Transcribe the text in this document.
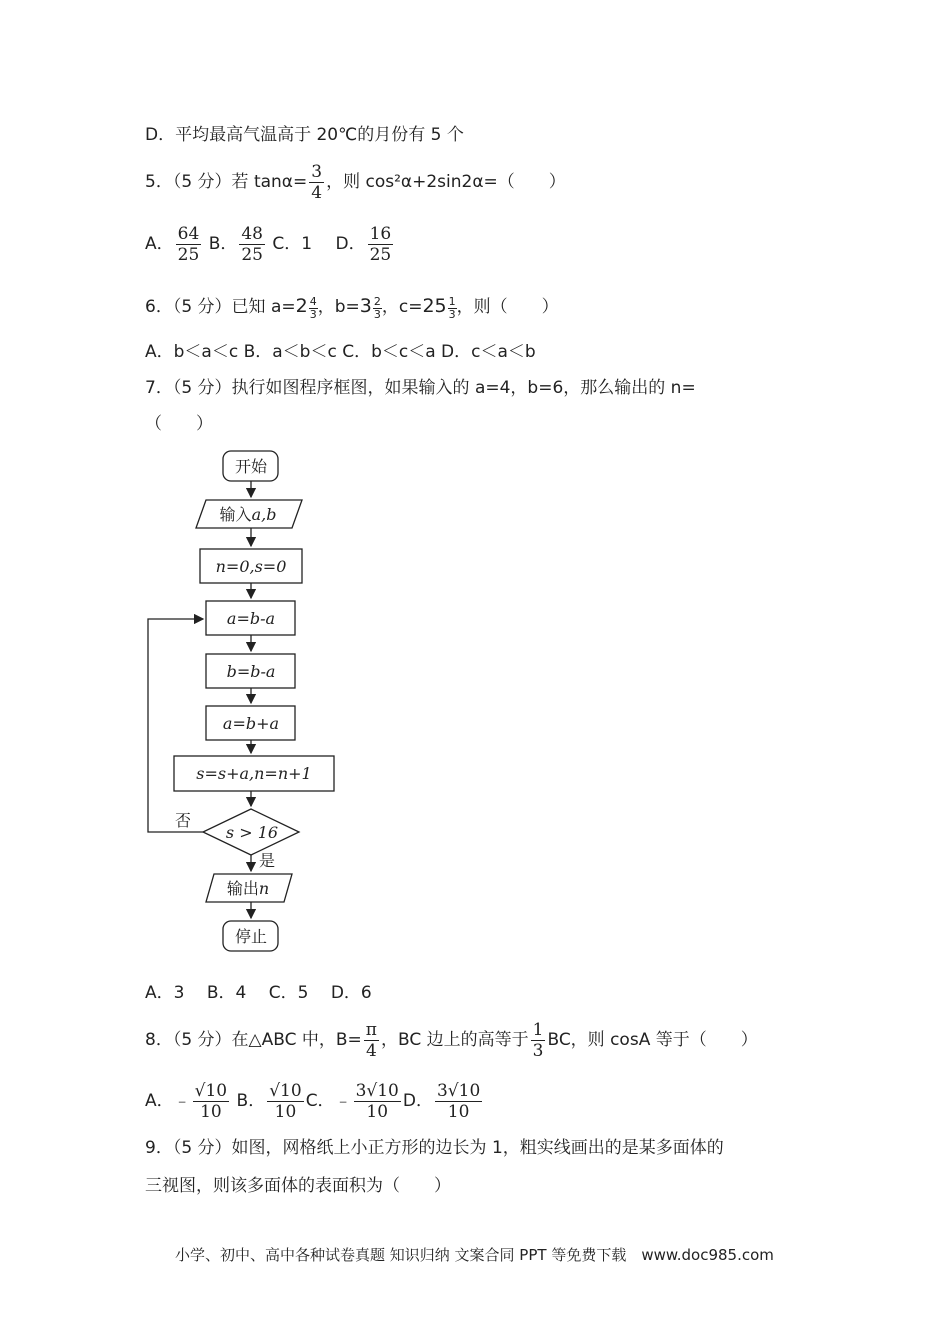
D．平均最高气温高于 20℃的月份有 5 个
5．（5 分）若 $\tan\alpha= \frac{3}{4}$ ，则 cos²α+2sin2α=（　　）
A． $\frac{64}{25}$ B． $\frac{48}{25}$ C．1 D． $\frac{16}{25}$
6．（5 分）已知 $a=2 \frac{4}{3}$ ，$b=3 \frac{2}{3}$ ，$c=25 \frac{1}{3}$ ，则（　　）
A．b＜a＜c B．a＜b＜c C．b＜c＜a D．c＜a＜b
7．（5 分）执行如图程序框图，如果输入的 a=4，b=6，那么输出的 n=
（　　）
开始
输入a,b
n=0,s=0
a=b-a
b=b-a
a=b+a
s=s+a,n=n+1
s > 16
否
是
输出n
停止
A．3　 B．4　 C．5　 D．6
8．（5 分）在△ABC 中，$B= \frac{\pi}{4}$ ，BC 边上的高等于 $\frac{1}{3}$ BC，则 cosA 等于（　　）
A．﹣ $\frac{√10}{10}$ B． $\frac{√10}{10}$ C．﹣ $\frac{3√10}{10}$ D． $\frac{3√10}{10}$
9．（5 分）如图，网格纸上小正方形的边长为 1，粗实线画出的是某多面体的
三视图，则该多面体的表面积为（　　）
小学、初中、高中各种试卷真题 知识归纳 文案合同 PPT 等免费下载　www.doc985.com
